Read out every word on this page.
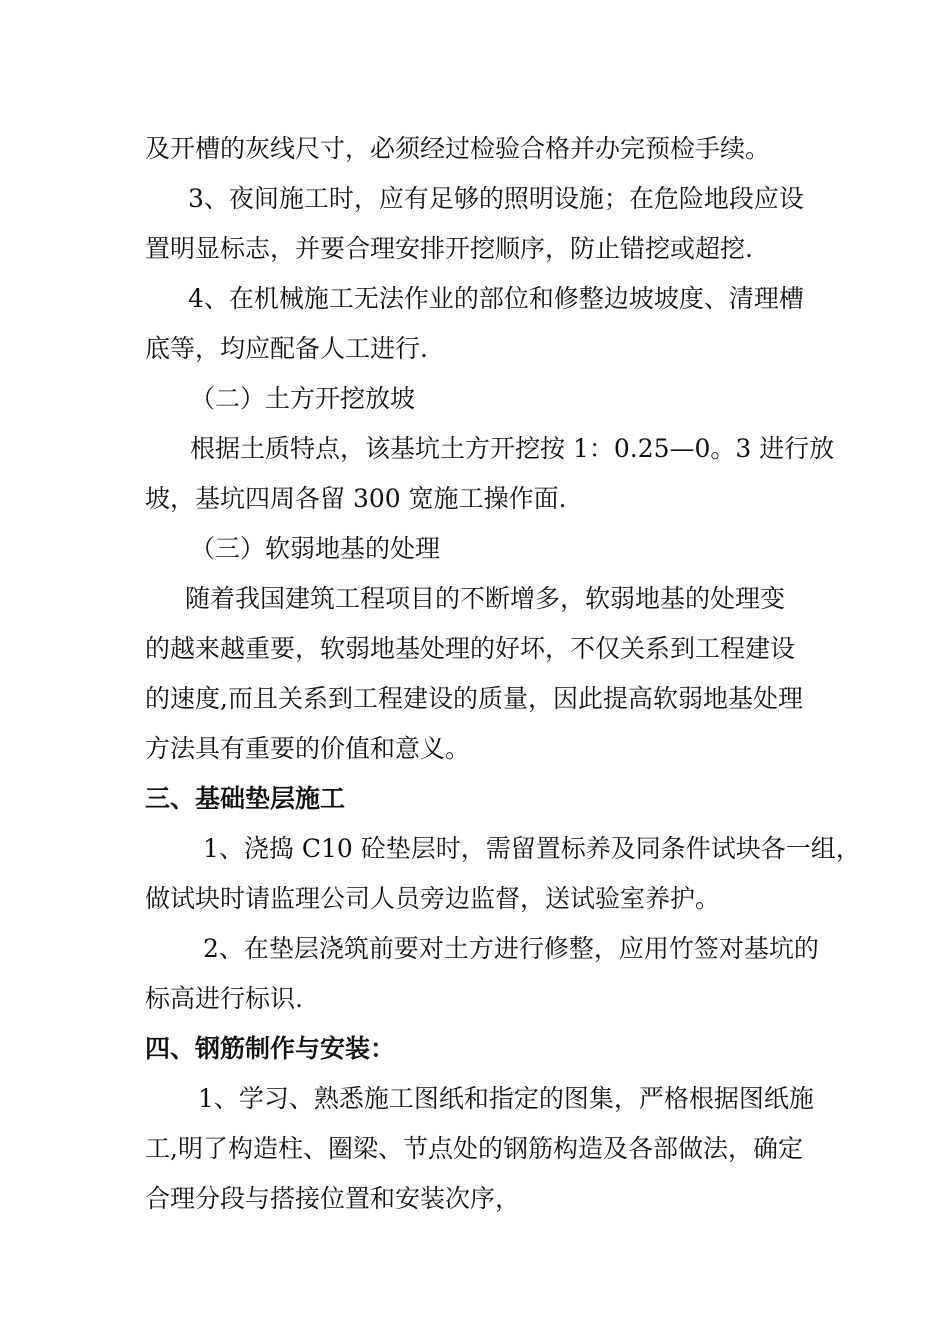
及开槽的灰线尺寸，必须经过检验合格并办完预检手续。
3、夜间施工时，应有足够的照明设施；在危险地段应设
置明显标志，并要合理安排开挖顺序，防止错挖或超挖.
4、在机械施工无法作业的部位和修整边坡坡度、清理槽
底等，均应配备人工进行.
（二）土方开挖放坡
根据土质特点，该基坑土方开挖按 1：0.25—0。3 进行放
坡，基坑四周各留 300 宽施工操作面.
（三）软弱地基的处理
随着我国建筑工程项目的不断增多，软弱地基的处理变
的越来越重要，软弱地基处理的好坏，不仅关系到工程建设
的速度,而且关系到工程建设的质量，因此提高软弱地基处理
方法具有重要的价值和意义。
三、基础垫层施工
1、浇捣 C10 砼垫层时，需留置标养及同条件试块各一组，
做试块时请监理公司人员旁边监督，送试验室养护。
2、在垫层浇筑前要对土方进行修整，应用竹签对基坑的
标高进行标识.
四、钢筋制作与安装：
1、学习、熟悉施工图纸和指定的图集，严格根据图纸施
工,明了构造柱、圈梁、节点处的钢筋构造及各部做法，确定
合理分段与搭接位置和安装次序，
